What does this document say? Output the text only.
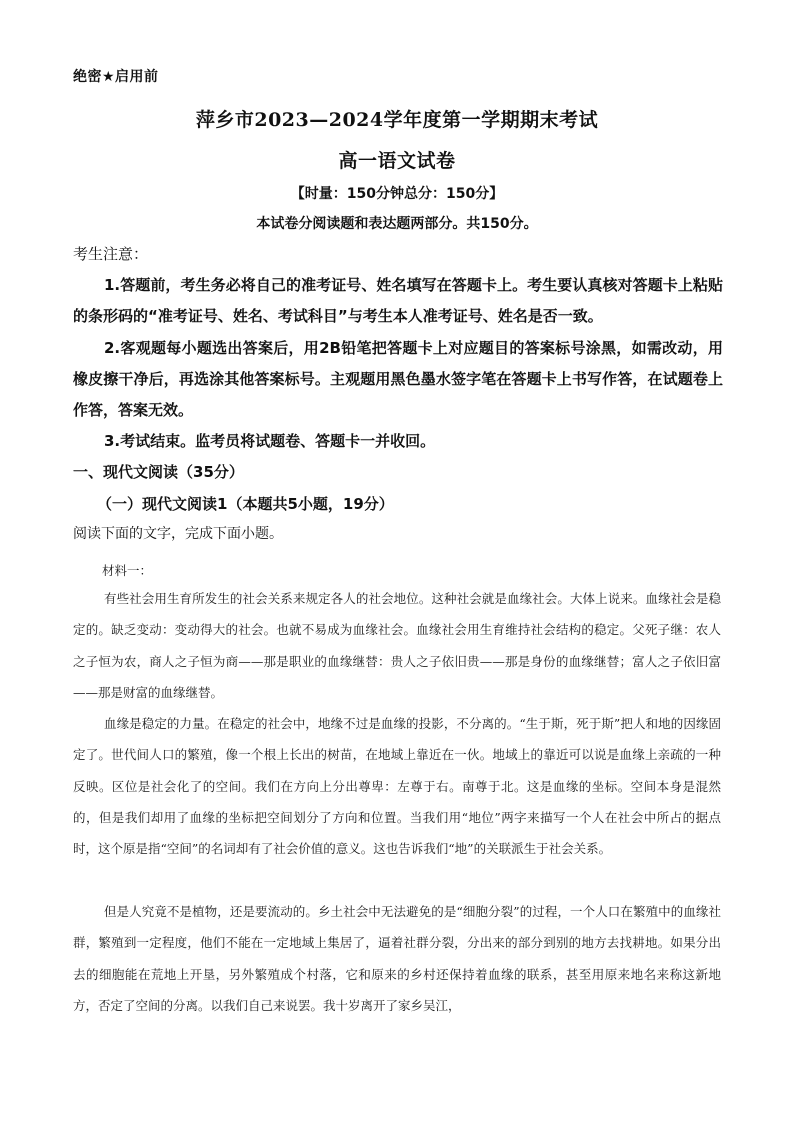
绝密★启用前
萍乡市2023—2024学年度第一学期期末考试
高一语文试卷
【时量：150分钟总分：150分】
本试卷分阅读题和表达题两部分。共150分。
考生注意：
1.答题前，考生务必将自己的准考证号、姓名填写在答题卡上。考生要认真核对答题卡上粘贴的条形码的“准考证号、姓名、考试科目”与考生本人准考证号、姓名是否一致。
2.客观题每小题选出答案后，用2B铅笔把答题卡上对应题目的答案标号涂黑，如需改动，用橡皮擦干净后，再选涂其他答案标号。主观题用黑色墨水签字笔在答题卡上书写作答，在试题卷上作答，答案无效。
3.考试结束。监考员将试题卷、答题卡一并收回。
一、现代文阅读（35分）
（一）现代文阅读1（本题共5小题，19分）
阅读下面的文字，完成下面小题。
材料一：
有些社会用生育所发生的社会关系来规定各人的社会地位。这种社会就是血缘社会。大体上说来。血缘社会是稳定的。缺乏变动：变动得大的社会。也就不易成为血缘社会。血缘社会用生育维持社会结构的稳定。父死子继：农人之子恒为农，商人之子恒为商——那是职业的血缘继替：贵人之子依旧贵——那是身份的血缘继替；富人之子依旧富——那是财富的血缘继替。
血缘是稳定的力量。在稳定的社会中，地缘不过是血缘的投影，不分离的。“生于斯，死于斯”把人和地的因缘固定了。世代间人口的繁殖，像一个根上长出的树苗，在地域上靠近在一伙。地域上的靠近可以说是血缘上亲疏的一种反映。区位是社会化了的空间。我们在方向上分出尊卑：左尊于右。南尊于北。这是血缘的坐标。空间本身是混然的，但是我们却用了血缘的坐标把空间划分了方向和位置。当我们用“地位”两字来描写一个人在社会中所占的据点时，这个原是指“空间”的名词却有了社会价值的意义。这也告诉我们“地”的关联派生于社会关系。
但是人究竟不是植物，还是要流动的。乡土社会中无法避免的是“细胞分裂”的过程，一个人口在繁殖中的血缘社群，繁殖到一定程度，他们不能在一定地域上集居了，逼着社群分裂，分出来的部分到别的地方去找耕地。如果分出去的细胞能在荒地上开垦，另外繁殖成个村落，它和原来的乡村还保持着血缘的联系，甚至用原来地名来称这新地方，否定了空间的分离。以我们自己来说罢。我十岁离开了家乡吴江，
